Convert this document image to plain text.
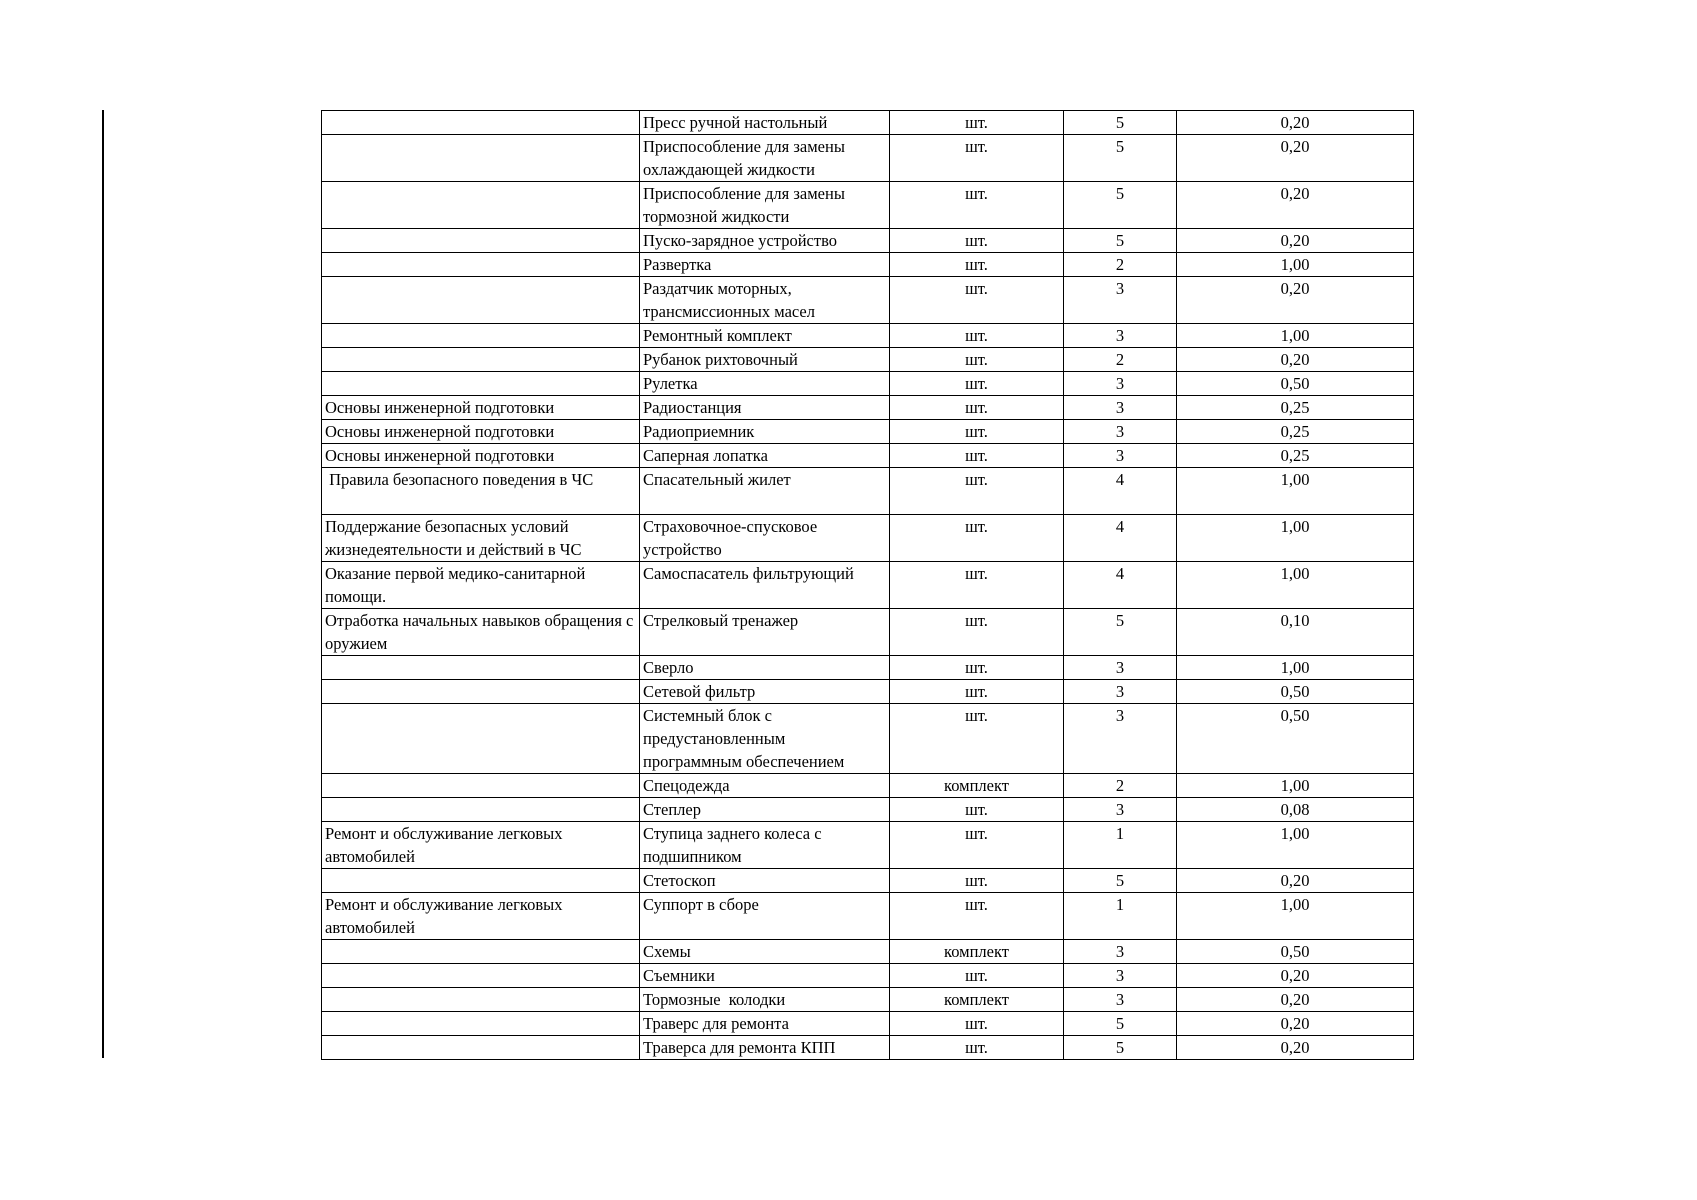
	Пресс ручной настольный	шт.	5	0,20
	Приспособление для замены охлаждающей жидкости	шт.	5	0,20
	Приспособление для замены тормозной жидкости	шт.	5	0,20
	Пуско-зарядное устройство	шт.	5	0,20
	Развертка	шт.	2	1,00
	Раздатчик моторных, трансмиссионных масел	шт.	3	0,20
	Ремонтный комплект	шт.	3	1,00
	Рубанок рихтовочный	шт.	2	0,20
	Рулетка	шт.	3	0,50
Основы инженерной подготовки	Радиостанция	шт.	3	0,25
Основы инженерной подготовки	Радиоприемник	шт.	3	0,25
Основы инженерной подготовки	Саперная лопатка	шт.	3	0,25
Правила безопасного поведения в ЧС	Спасательный жилет	шт.	4	1,00
Поддержание безопасных условий жизнедеятельности и действий в ЧС	Страховочное-спусковое устройство	шт.	4	1,00
Оказание первой медико-санитарной помощи.	Самоспасатель фильтрующий	шт.	4	1,00
Отработка начальных навыков обращения с оружием	Стрелковый тренажер	шт.	5	0,10
	Сверло	шт.	3	1,00
	Сетевой фильтр	шт.	3	0,50
	Системный блок с предустановленным программным обеспечением	шт.	3	0,50
	Спецодежда	комплект	2	1,00
	Степлер	шт.	3	0,08
Ремонт и обслуживание легковых автомобилей	Ступица заднего колеса с подшипником	шт.	1	1,00
	Стетоскоп	шт.	5	0,20
Ремонт и обслуживание легковых автомобилей	Суппорт в сборе	шт.	1	1,00
	Схемы	комплект	3	0,50
	Съемники	шт.	3	0,20
	Тормозные  колодки	комплект	3	0,20
	Траверс для ремонта	шт.	5	0,20
	Траверса для ремонта КПП	шт.	5	0,20
